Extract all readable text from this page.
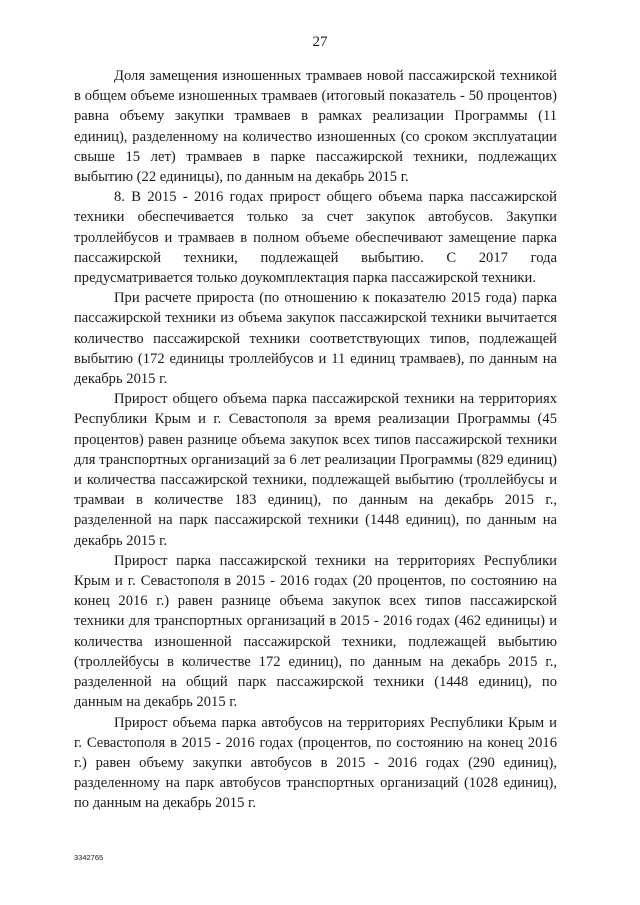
27

Доля замещения изношенных трамваев новой пассажирской техникой в общем объеме изношенных трамваев (итоговый показатель - 50 процентов) равна объему закупки трамваев в рамках реализации Программы (11 единиц), разделенному на количество изношенных (со сроком эксплуатации свыше 15 лет) трамваев в парке пассажирской техники, подлежащих выбытию (22 единицы), по данным на декабрь 2015 г.

8. В 2015 - 2016 годах прирост общего объема парка пассажирской техники обеспечивается только за счет закупок автобусов. Закупки троллейбусов и трамваев в полном объеме обеспечивают замещение парка пассажирской техники, подлежащей выбытию. С 2017 года предусматривается только доукомплектация парка пассажирской техники.

При расчете прироста (по отношению к показателю 2015 года) парка пассажирской техники из объема закупок пассажирской техники вычитается количество пассажирской техники соответствующих типов, подлежащей выбытию (172 единицы троллейбусов и 11 единиц трамваев), по данным на декабрь 2015 г.

Прирост общего объема парка пассажирской техники на территориях Республики Крым и г. Севастополя за время реализации Программы (45 процентов) равен разнице объема закупок всех типов пассажирской техники для транспортных организаций за 6 лет реализации Программы (829 единиц) и количества пассажирской техники, подлежащей выбытию (троллейбусы и трамваи в количестве 183 единиц), по данным на декабрь 2015 г., разделенной на парк пассажирской техники (1448 единиц), по данным на декабрь 2015 г.

Прирост парка пассажирской техники на территориях Республики Крым и г. Севастополя в 2015 - 2016 годах (20 процентов, по состоянию на конец 2016 г.) равен разнице объема закупок всех типов пассажирской техники для транспортных организаций в 2015 - 2016 годах (462 единицы) и количества изношенной пассажирской техники, подлежащей выбытию (троллейбусы в количестве 172 единиц), по данным на декабрь 2015 г., разделенной на общий парк пассажирской техники (1448 единиц), по данным на декабрь 2015 г.

Прирост объема парка автобусов на территориях Республики Крым и г. Севастополя в 2015 - 2016 годах (процентов, по состоянию на конец 2016 г.) равен объему закупки автобусов в 2015 - 2016 годах (290 единиц), разделенному на парк автобусов транспортных организаций (1028 единиц), по данным на декабрь 2015 г.

3342765
